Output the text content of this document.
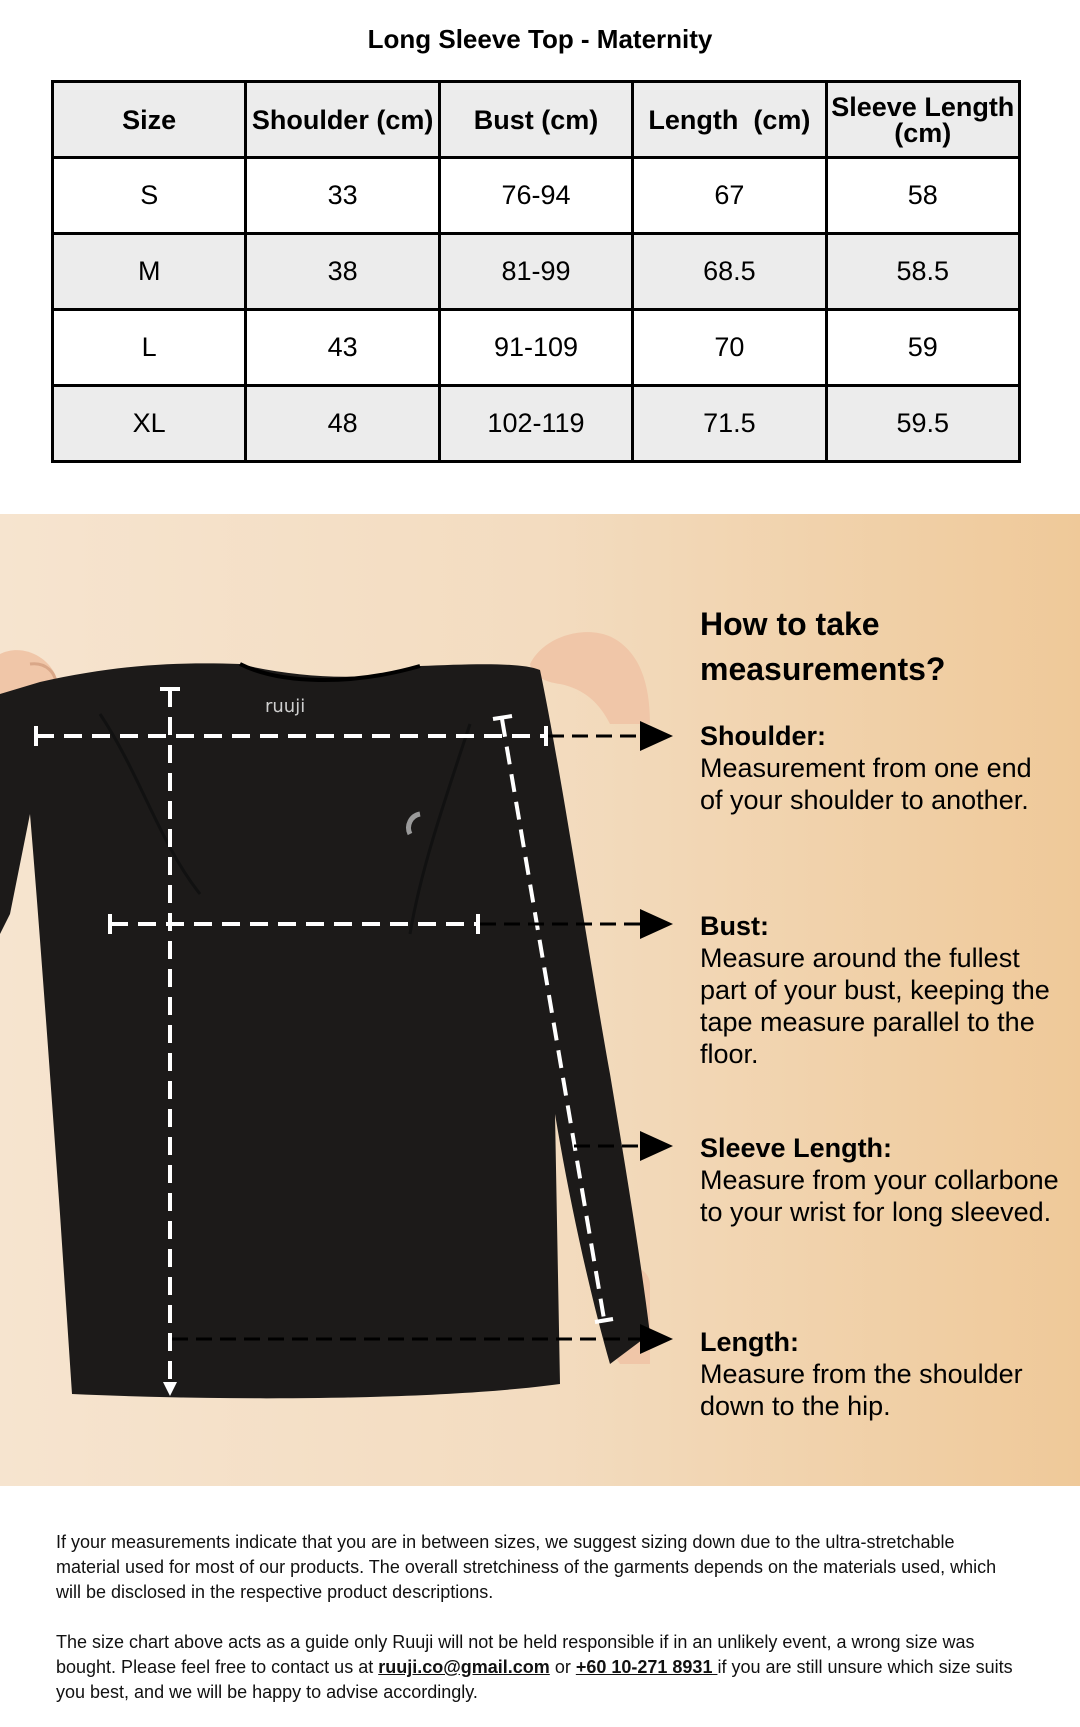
Long Sleeve Top - Maternity
Size	Shoulder (cm)	Bust (cm)	Length  (cm)	Sleeve Length (cm)
S	33	76-94	67	58
M	38	81-99	68.5	58.5
L	43	91-109	70	59
XL	48	102-119	71.5	59.5
ruuji
How to take
measurements?
Shoulder:
Measurement from one end of your shoulder to another.
Bust:
Measure around the fullest part of your bust, keeping the tape measure parallel to the floor.
Sleeve Length:
Measure from your collarbone to your wrist for long sleeved.
Length:
Measure from the shoulder down to the hip.

If your measurements indicate that you are in between sizes, we suggest sizing down due to the ultra-stretchable material used for most of our products. The overall stretchiness of the garments depends on the materials used, which will be disclosed in the respective product descriptions.

The size chart above acts as a guide only Ruuji will not be held responsible if in an unlikely event, a wrong size was bought. Please feel free to contact us at ruuji.co@gmail.com or +60 10-271 8931 if you are still unsure which size suits you best, and we will be happy to advise accordingly.
